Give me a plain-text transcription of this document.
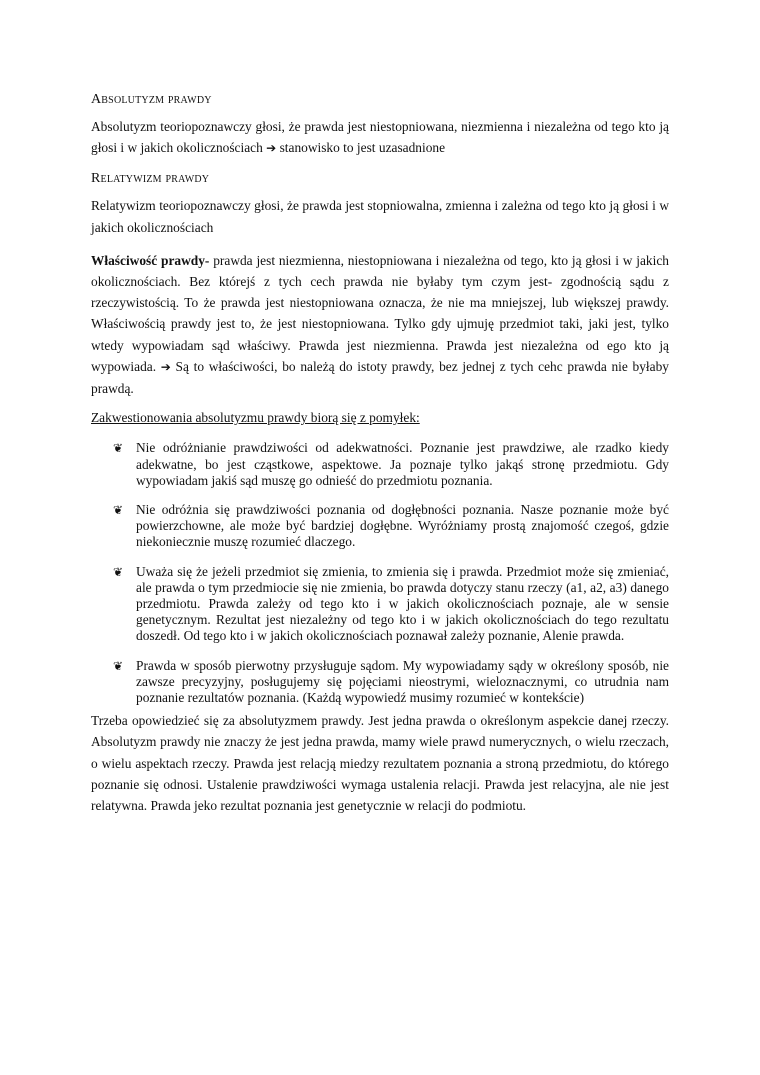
Absolutyzm prawdy

Absolutyzm teoriopoznawczy głosi, że prawda jest niestopniowana, niezmienna i niezależna od tego kto ją głosi i w jakich okolicznościach ➔ stanowisko to jest uzasadnione

Relatywizm prawdy

Relatywizm teoriopoznawczy głosi, że prawda jest stopniowalna, zmienna i zależna od tego kto ją głosi i w jakich okolicznościach

Właściwość prawdy- prawda jest niezmienna, niestopniowana i niezależna od tego, kto ją głosi i w jakich okolicznościach. Bez którejś z tych cech prawda nie byłaby tym czym jest- zgodnością sądu z rzeczywistością. To że prawda jest niestopniowana oznacza, że nie ma mniejszej, lub większej prawdy. Właściwością prawdy jest to, że jest niestopniowana. Tylko gdy ujmuję przedmiot taki, jaki jest, tylko wtedy wypowiadam sąd właściwy. Prawda jest niezmienna. Prawda jest niezależna od ego kto ją wypowiada. ➔ Są to właściwości, bo należą do istoty prawdy, bez jednej z tych cehc prawda nie byłaby prawdą.

Zakwestionowania absolutyzmu prawdy biorą się z pomyłek:

❦ Nie odróżnianie prawdziwości od adekwatności. Poznanie jest prawdziwe, ale rzadko kiedy adekwatne, bo jest cząstkowe, aspektowe. Ja poznaje tylko jakąś stronę przedmiotu. Gdy wypowiadam jakiś sąd muszę go odnieść do przedmiotu poznania.
❦ Nie odróżnia się prawdziwości poznania od dogłębności poznania. Nasze poznanie może być powierzchowne, ale może być bardziej dogłębne. Wyróżniamy prostą znajomość czegoś, gdzie niekoniecznie muszę rozumieć dlaczego.
❦ Uważa się że jeżeli przedmiot się zmienia, to zmienia się i prawda. Przedmiot może się zmieniać, ale prawda o tym przedmiocie się nie zmienia, bo prawda dotyczy stanu rzeczy (a1, a2, a3) danego przedmiotu. Prawda zależy od tego kto i w jakich okolicznościach poznaje, ale w sensie genetycznym. Rezultat jest niezależny od tego kto i w jakich okolicznościach do tego rezultatu doszedł. Od tego kto i w jakich okolicznościach poznawał zależy poznanie, Alenie prawda.
❦ Prawda w sposób pierwotny przysługuje sądom. My wypowiadamy sądy w określony sposób, nie zawsze precyzyjny, posługujemy się pojęciami nieostrymi, wieloznacznymi, co utrudnia nam poznanie rezultatów poznania. (Każdą wypowiedź musimy rozumieć w kontekście)

Trzeba opowiedzieć się za absolutyzmem prawdy. Jest jedna prawda o określonym aspekcie danej rzeczy. Absolutyzm prawdy nie znaczy że jest jedna prawda, mamy wiele prawd numerycznych, o wielu rzeczach, o wielu aspektach rzeczy. Prawda jest relacją miedzy rezultatem poznania a stroną przedmiotu, do którego poznanie się odnosi. Ustalenie prawdziwości wymaga ustalenia relacji. Prawda jest relacyjna, ale nie jest relatywna. Prawda jeko rezultat poznania jest genetycznie w relacji do podmiotu.
